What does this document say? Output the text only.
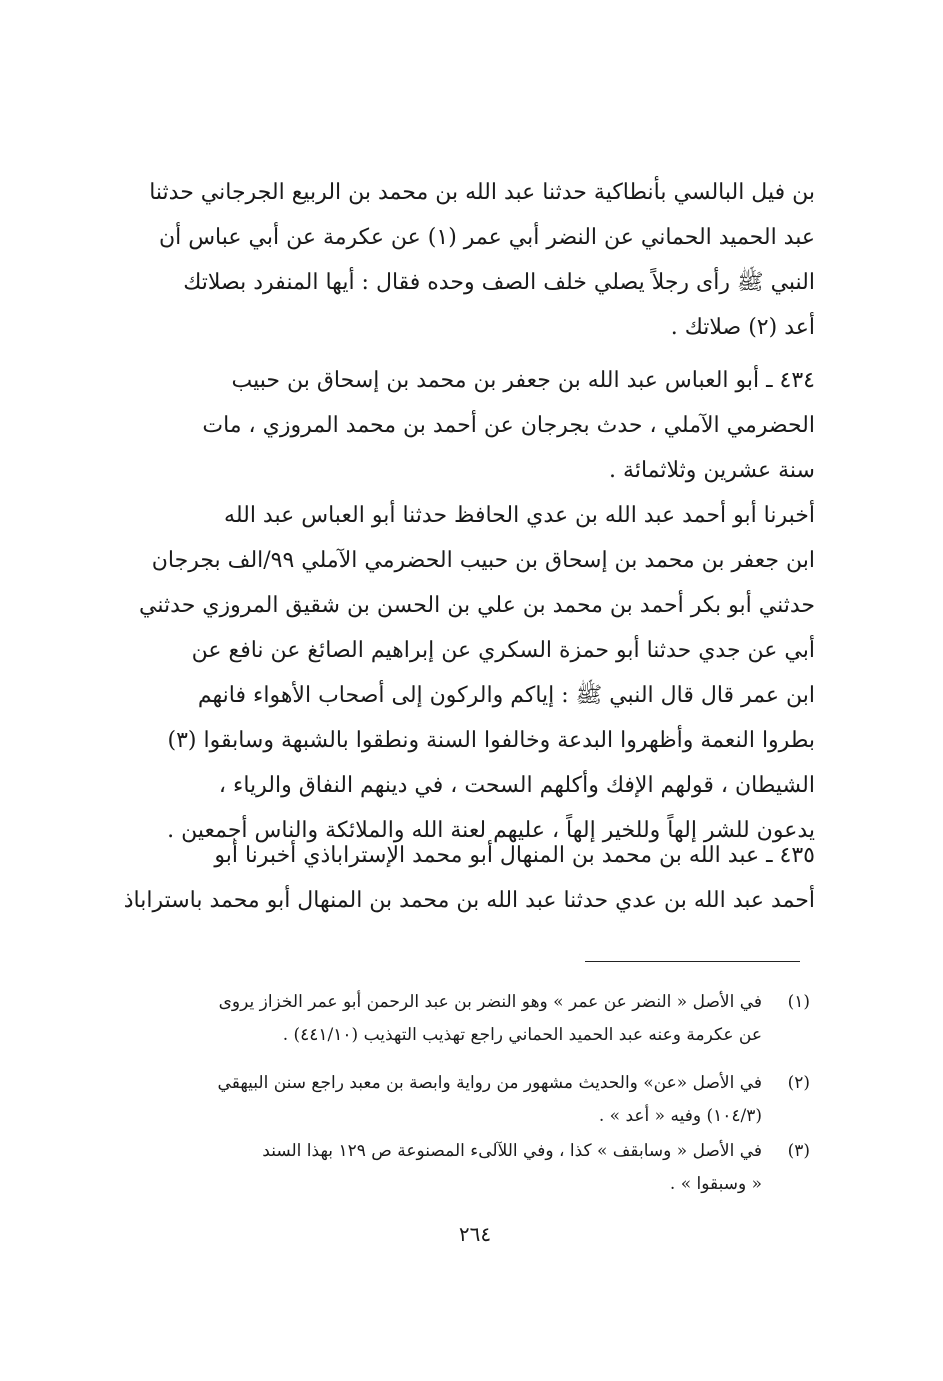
بن فيل البالسي بأنطاكية حدثنا عبد الله بن محمد بن الربيع الجرجاني حدثنا
عبد الحميد الحماني عن النضر أبي عمر (١) عن عكرمة عن أبي عباس أن
النبي ﷺ رأى رجلاً يصلي خلف الصف وحده فقال : أيها المنفرد بصلاتك
أعد (٢) صلاتك .
٤٣٤ ـ أبو العباس عبد الله بن جعفر بن محمد بن إسحاق بن حبيب
الحضرمي الآملي ، حدث بجرجان عن أحمد بن محمد المروزي ، مات
سنة عشرين وثلاثمائة .
أخبرنا أبو أحمد عبد الله بن عدي الحافظ حدثنا أبو العباس عبد الله
ابن جعفر بن محمد بن إسحاق بن حبيب الحضرمي الآملي ٩٩/الف بجرجان
حدثني أبو بكر أحمد بن محمد بن علي بن الحسن بن شقيق المروزي حدثني
أبي عن جدي حدثنا أبو حمزة السكري عن إبراهيم الصائغ عن نافع عن
ابن عمر قال قال النبي ﷺ : إياكم والركون إلى أصحاب الأهواء فانهم
بطروا النعمة وأظهروا البدعة وخالفوا السنة ونطقوا بالشبهة وسابقوا (٣)
الشيطان ، قولهم الإفك وأكلهم السحت ، في دينهم النفاق والرياء ،
يدعون للشر إلهاً وللخير إلهاً ، عليهم لعنة الله والملائكة والناس أجمعين .
٤٣٥ ـ عبد الله بن محمد بن المنهال أبو محمد الإستراباذي أخبرنا أبو
أحمد عبد الله بن عدي حدثنا عبد الله بن محمد بن المنهال أبو محمد باستراباذ
(١)
في الأصل « النضر عن عمر » وهو النضر بن عبد الرحمن أبو عمر الخزاز يروى
عن عكرمة وعنه عبد الحميد الحماني راجع تهذيب التهذيب (٤٤١/١٠) .
(٢)
في الأصل «عن» والحديث مشهور من رواية وابصة بن معبد راجع سنن البيهقي
(١٠٤/٣) وفيه « أعد » .
(٣)
في الأصل « وسابقف » كذا ، وفي اللآلىء المصنوعة ص ١٢٩ بهذا السند
« وسبقوا » .
٢٦٤
